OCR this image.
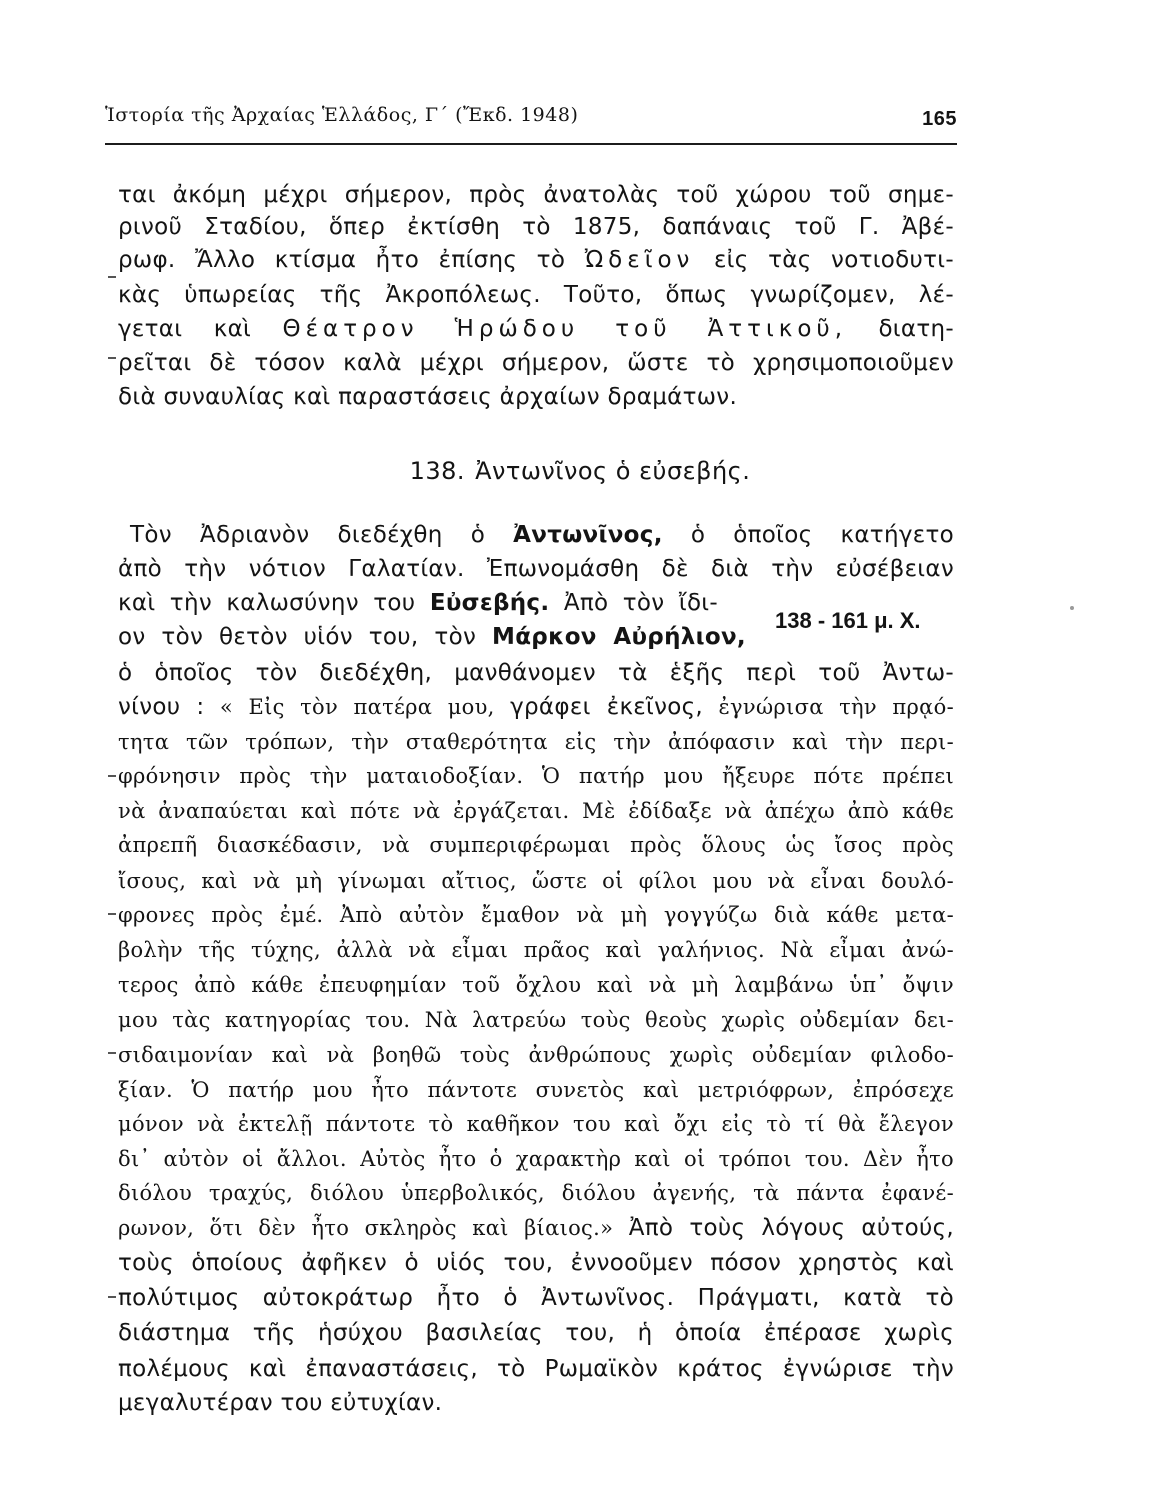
Ἱστορία τῆς Ἀρχαίας Ἑλλάδος, Γ΄ (Ἔκδ. 1948)	165
ται ἀκόμη μέχρι σήμερον, πρὸς ἀνατολὰς τοῦ χώρου τοῦ σημε-
ρινοῦ Σταδίου, ὅπερ ἐκτίσθη τὸ 1875, δαπάναις τοῦ Γ. Ἀβέ-
ρωφ. Ἄλλο κτίσμα ἦτο ἐπίσης τὸ Ὠδεῖον εἰς τὰς νοτιοδυτι-
κὰς ὑπωρείας τῆς Ἀκροπόλεως. Τοῦτο, ὅπως γνωρίζομεν, λέ-
γεται καὶ Θέατρον Ἡρώδου τοῦ Ἀττικοῦ, διατη-
ρεῖται δὲ τόσον καλὰ μέχρι σήμερον, ὥστε τὸ χρησιμοποιοῦμεν
διὰ συναυλίας καὶ παραστάσεις ἀρχαίων δραμάτων.
138. Ἀντωνῖνος ὁ εὐσεβής.
Τὸν Ἀδριανὸν διεδέχθη ὁ Ἀντωνῖνος, ὁ ὁποῖος κατήγετο
ἀπὸ τὴν νότιον Γαλατίαν. Ἐπωνομάσθη δὲ διὰ τὴν εὐσέβειαν
καὶ τὴν καλωσύνην του Εὐσεβής. Ἀπὸ τὸν ἴδι-
ον τὸν θετὸν υἱόν του, τὸν Μάρκον Αὐρήλιον,
138 - 161 μ. Χ.
ὁ ὁποῖος τὸν διεδέχθη, μανθάνομεν τὰ ἑξῆς περὶ τοῦ Ἀντω-
νίνου : « Εἰς τὸν πατέρα μου, γράφει ἐκεῖνος, ἐγνώρισα τὴν πρᾳό-
τητα τῶν τρόπων, τὴν σταθερότητα εἰς τὴν ἀπόφασιν καὶ τὴν περι-
φρόνησιν πρὸς τὴν ματαιοδοξίαν. Ὁ πατήρ μου ἤξευρε πότε πρέπει
νὰ ἀναπαύεται καὶ πότε νὰ ἐργάζεται. Μὲ ἐδίδαξε νὰ ἀπέχω ἀπὸ κάθε
ἀπρεπῆ διασκέδασιν, νὰ συμπεριφέρωμαι πρὸς ὅλους ὡς ἴσος πρὸς
ἴσους, καὶ νὰ μὴ γίνωμαι αἴτιος, ὥστε οἱ φίλοι μου νὰ εἶναι δουλό-
φρονες πρὸς ἐμέ. Ἀπὸ αὐτὸν ἔμαθον νὰ μὴ γογγύζω διὰ κάθε μετα-
βολὴν τῆς τύχης, ἀλλὰ νὰ εἶμαι πρᾶος καὶ γαλήνιος. Νὰ εἶμαι ἀνώ-
τερος ἀπὸ κάθε ἐπευφημίαν τοῦ ὄχλου καὶ νὰ μὴ λαμβάνω ὑπ᾽ ὄψιν
μου τὰς κατηγορίας του. Νὰ λατρεύω τοὺς θεοὺς χωρὶς οὐδεμίαν δει-
σιδαιμονίαν καὶ νὰ βοηθῶ τοὺς ἀνθρώπους χωρὶς οὐδεμίαν φιλοδο-
ξίαν. Ὁ πατήρ μου ἦτο πάντοτε συνετὸς καὶ μετριόφρων, ἐπρόσεχε
μόνον νὰ ἐκτελῇ πάντοτε τὸ καθῆκον του καὶ ὄχι εἰς τὸ τί θὰ ἔλεγον
δι᾽ αὐτὸν οἱ ἄλλοι. Αὐτὸς ἦτο ὁ χαρακτὴρ καὶ οἱ τρόποι του. Δὲν ἦτο
διόλου τραχύς, διόλου ὑπερβολικός, διόλου ἀγενής, τὰ πάντα ἐφανέ-
ρωνον, ὅτι δὲν ἦτο σκληρὸς καὶ βίαιος.» Ἀπὸ τοὺς λόγους αὐτούς,
τοὺς ὁποίους ἀφῆκεν ὁ υἱός του, ἐννοοῦμεν πόσον χρηστὸς καὶ
πολύτιμος αὐτοκράτωρ ἦτο ὁ Ἀντωνῖνος. Πράγματι, κατὰ τὸ
διάστημα τῆς ἡσύχου βασιλείας του, ἡ ὁποία ἐπέρασε χωρὶς
πολέμους καὶ ἐπαναστάσεις, τὸ Ρωμαϊκὸν κράτος ἐγνώρισε τὴν
μεγαλυτέραν του εὐτυχίαν.
